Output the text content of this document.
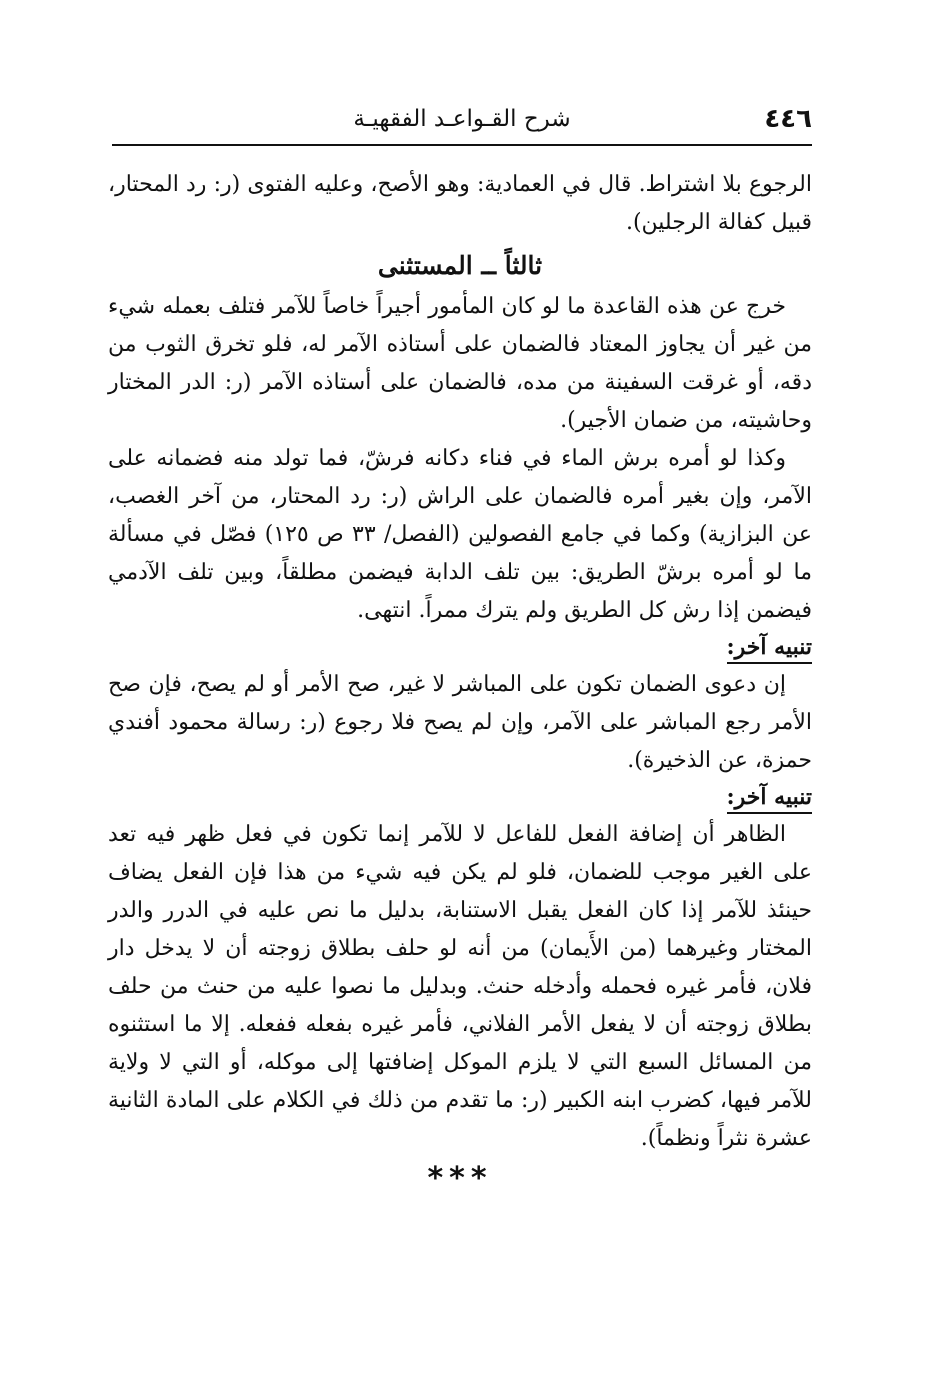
٤٤٦
شرح القـواعـد الفقهيـة

الرجوع بلا اشتراط. قال في العمادية: وهو الأصح، وعليه الفتوى (ر: رد المحتار، قبيل كفالة الرجلين).

ثالثاً ــ المستثنى

خرج عن هذه القاعدة ما لو كان المأمور أجيراً خاصاً للآمر فتلف بعمله شيء من غير أن يجاوز المعتاد فالضمان على أستاذه الآمر له، فلو تخرق الثوب من دقه، أو غرقت السفينة من مده، فالضمان على أستاذه الآمر (ر: الدر المختار وحاشيته، من ضمان الأجير).

وكذا لو أمره برش الماء في فناء دكانه فرشّ، فما تولد منه فضمانه على الآمر، وإن بغير أمره فالضمان على الراش (ر: رد المحتار، من آخر الغصب، عن البزازية) وكما في جامع الفصولين (الفصل/ ٣٣ ص ١٢٥) فصّل في مسألة ما لو أمره برشّ الطريق: بين تلف الدابة فيضمن مطلقاً، وبين تلف الآدمي فيضمن إذا رش كل الطريق ولم يترك ممراً. انتهى.

تنبيه آخر:

إن دعوى الضمان تكون على المباشر لا غير، صح الأمر أو لم يصح، فإن صح الأمر رجع المباشر على الآمر، وإن لم يصح فلا رجوع (ر: رسالة محمود أفندي حمزة، عن الذخيرة).

تنبيه آخر:

الظاهر أن إضافة الفعل للفاعل لا للآمر إنما تكون في فعل ظهر فيه تعد على الغير موجب للضمان، فلو لم يكن فيه شيء من هذا فإن الفعل يضاف حينئذ للآمر إذا كان الفعل يقبل الاستنابة، بدليل ما نص عليه في الدرر والدر المختار وغيرهما (من الأَيمان) من أنه لو حلف بطلاق زوجته أن لا يدخل دار فلان، فأمر غيره فحمله وأدخله حنث. وبدليل ما نصوا عليه من حنث من حلف بطلاق زوجته أن لا يفعل الأمر الفلاني، فأمر غيره بفعله ففعله. إلا ما استثنوه من المسائل السبع التي لا يلزم الموكل إضافتها إلى موكله، أو التي لا ولاية للآمر فيها، كضرب ابنه الكبير (ر: ما تقدم من ذلك في الكلام على المادة الثانية عشرة نثراً ونظماً).

***
